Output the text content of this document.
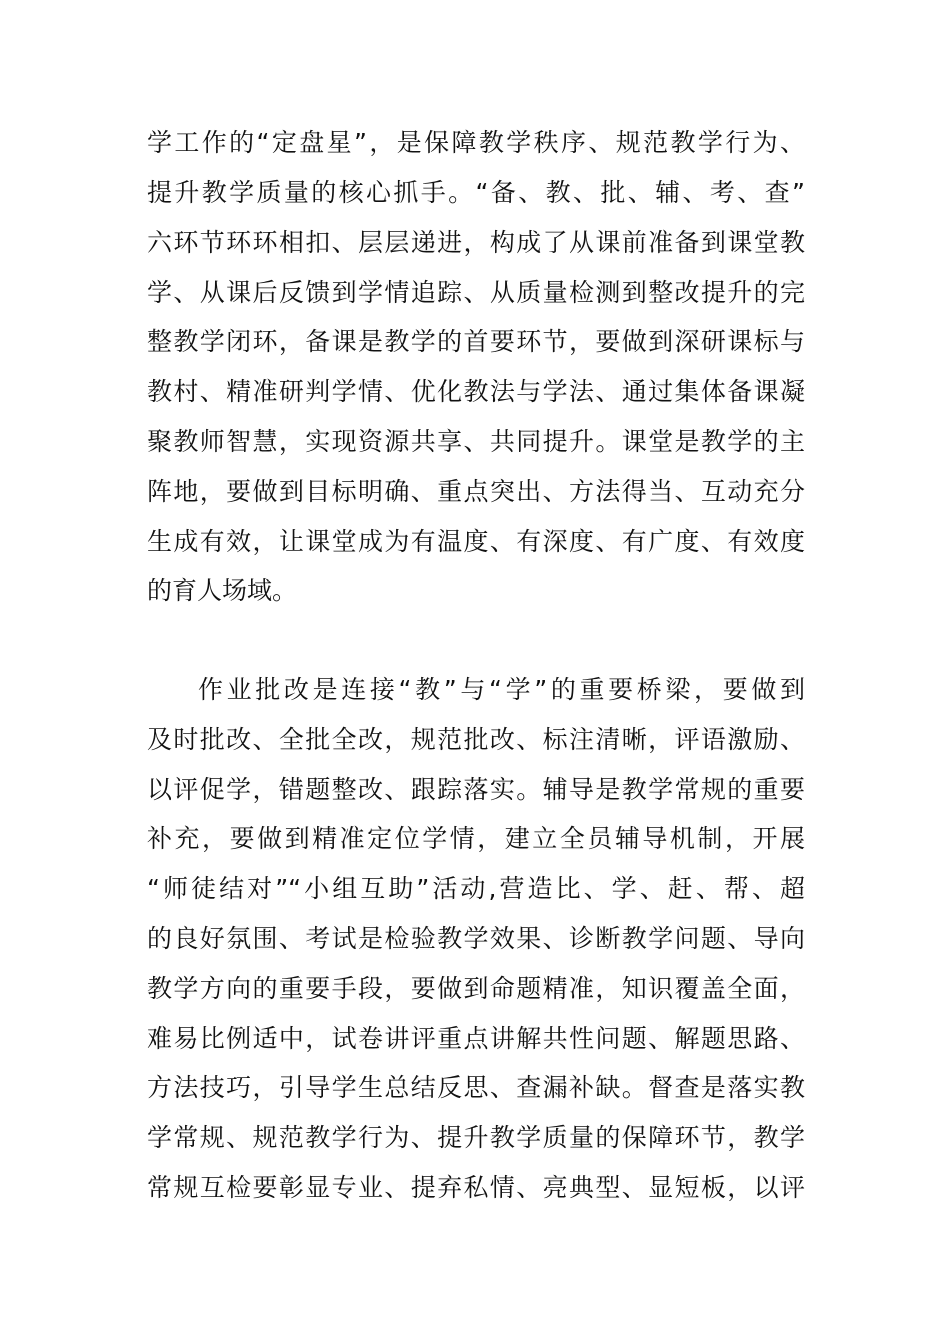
学工作的“定盘星”，是保障教学秩序、规范教学行为、
提升教学质量的核心抓手。“备、教、批、辅、考、查”
六环节环环相扣、层层递进，构成了从课前准备到课堂教
学、从课后反馈到学情追踪、从质量检测到整改提升的完
整教学闭环，备课是教学的首要环节，要做到深研课标与
教村、精准研判学情、优化教法与学法、通过集体备课凝
聚教师智慧，实现资源共享、共同提升。课堂是教学的主
阵地，要做到目标明确、重点突出、方法得当、互动充分
生成有效，让课堂成为有温度、有深度、有广度、有效度
的育人场域。
作业批改是连接“教”与“学”的重要桥梁，要做到
及时批改、全批全改，规范批改、标注清晰，评语激励、
以评促学，错题整改、跟踪落实。辅导是教学常规的重要
补充，要做到精准定位学情，建立全员辅导机制，开展
“师徒结对”“小组互助”活动,营造比、学、赶、帮、超
的良好氛围、考试是检验教学效果、诊断教学问题、导向
教学方向的重要手段，要做到命题精准，知识覆盖全面，
难易比例适中，试卷讲评重点讲解共性问题、解题思路、
方法技巧，引导学生总结反思、查漏补缺。督查是落实教
学常规、规范教学行为、提升教学质量的保障环节，教学
常规互检要彰显专业、提弃私情、亮典型、显短板，以评
